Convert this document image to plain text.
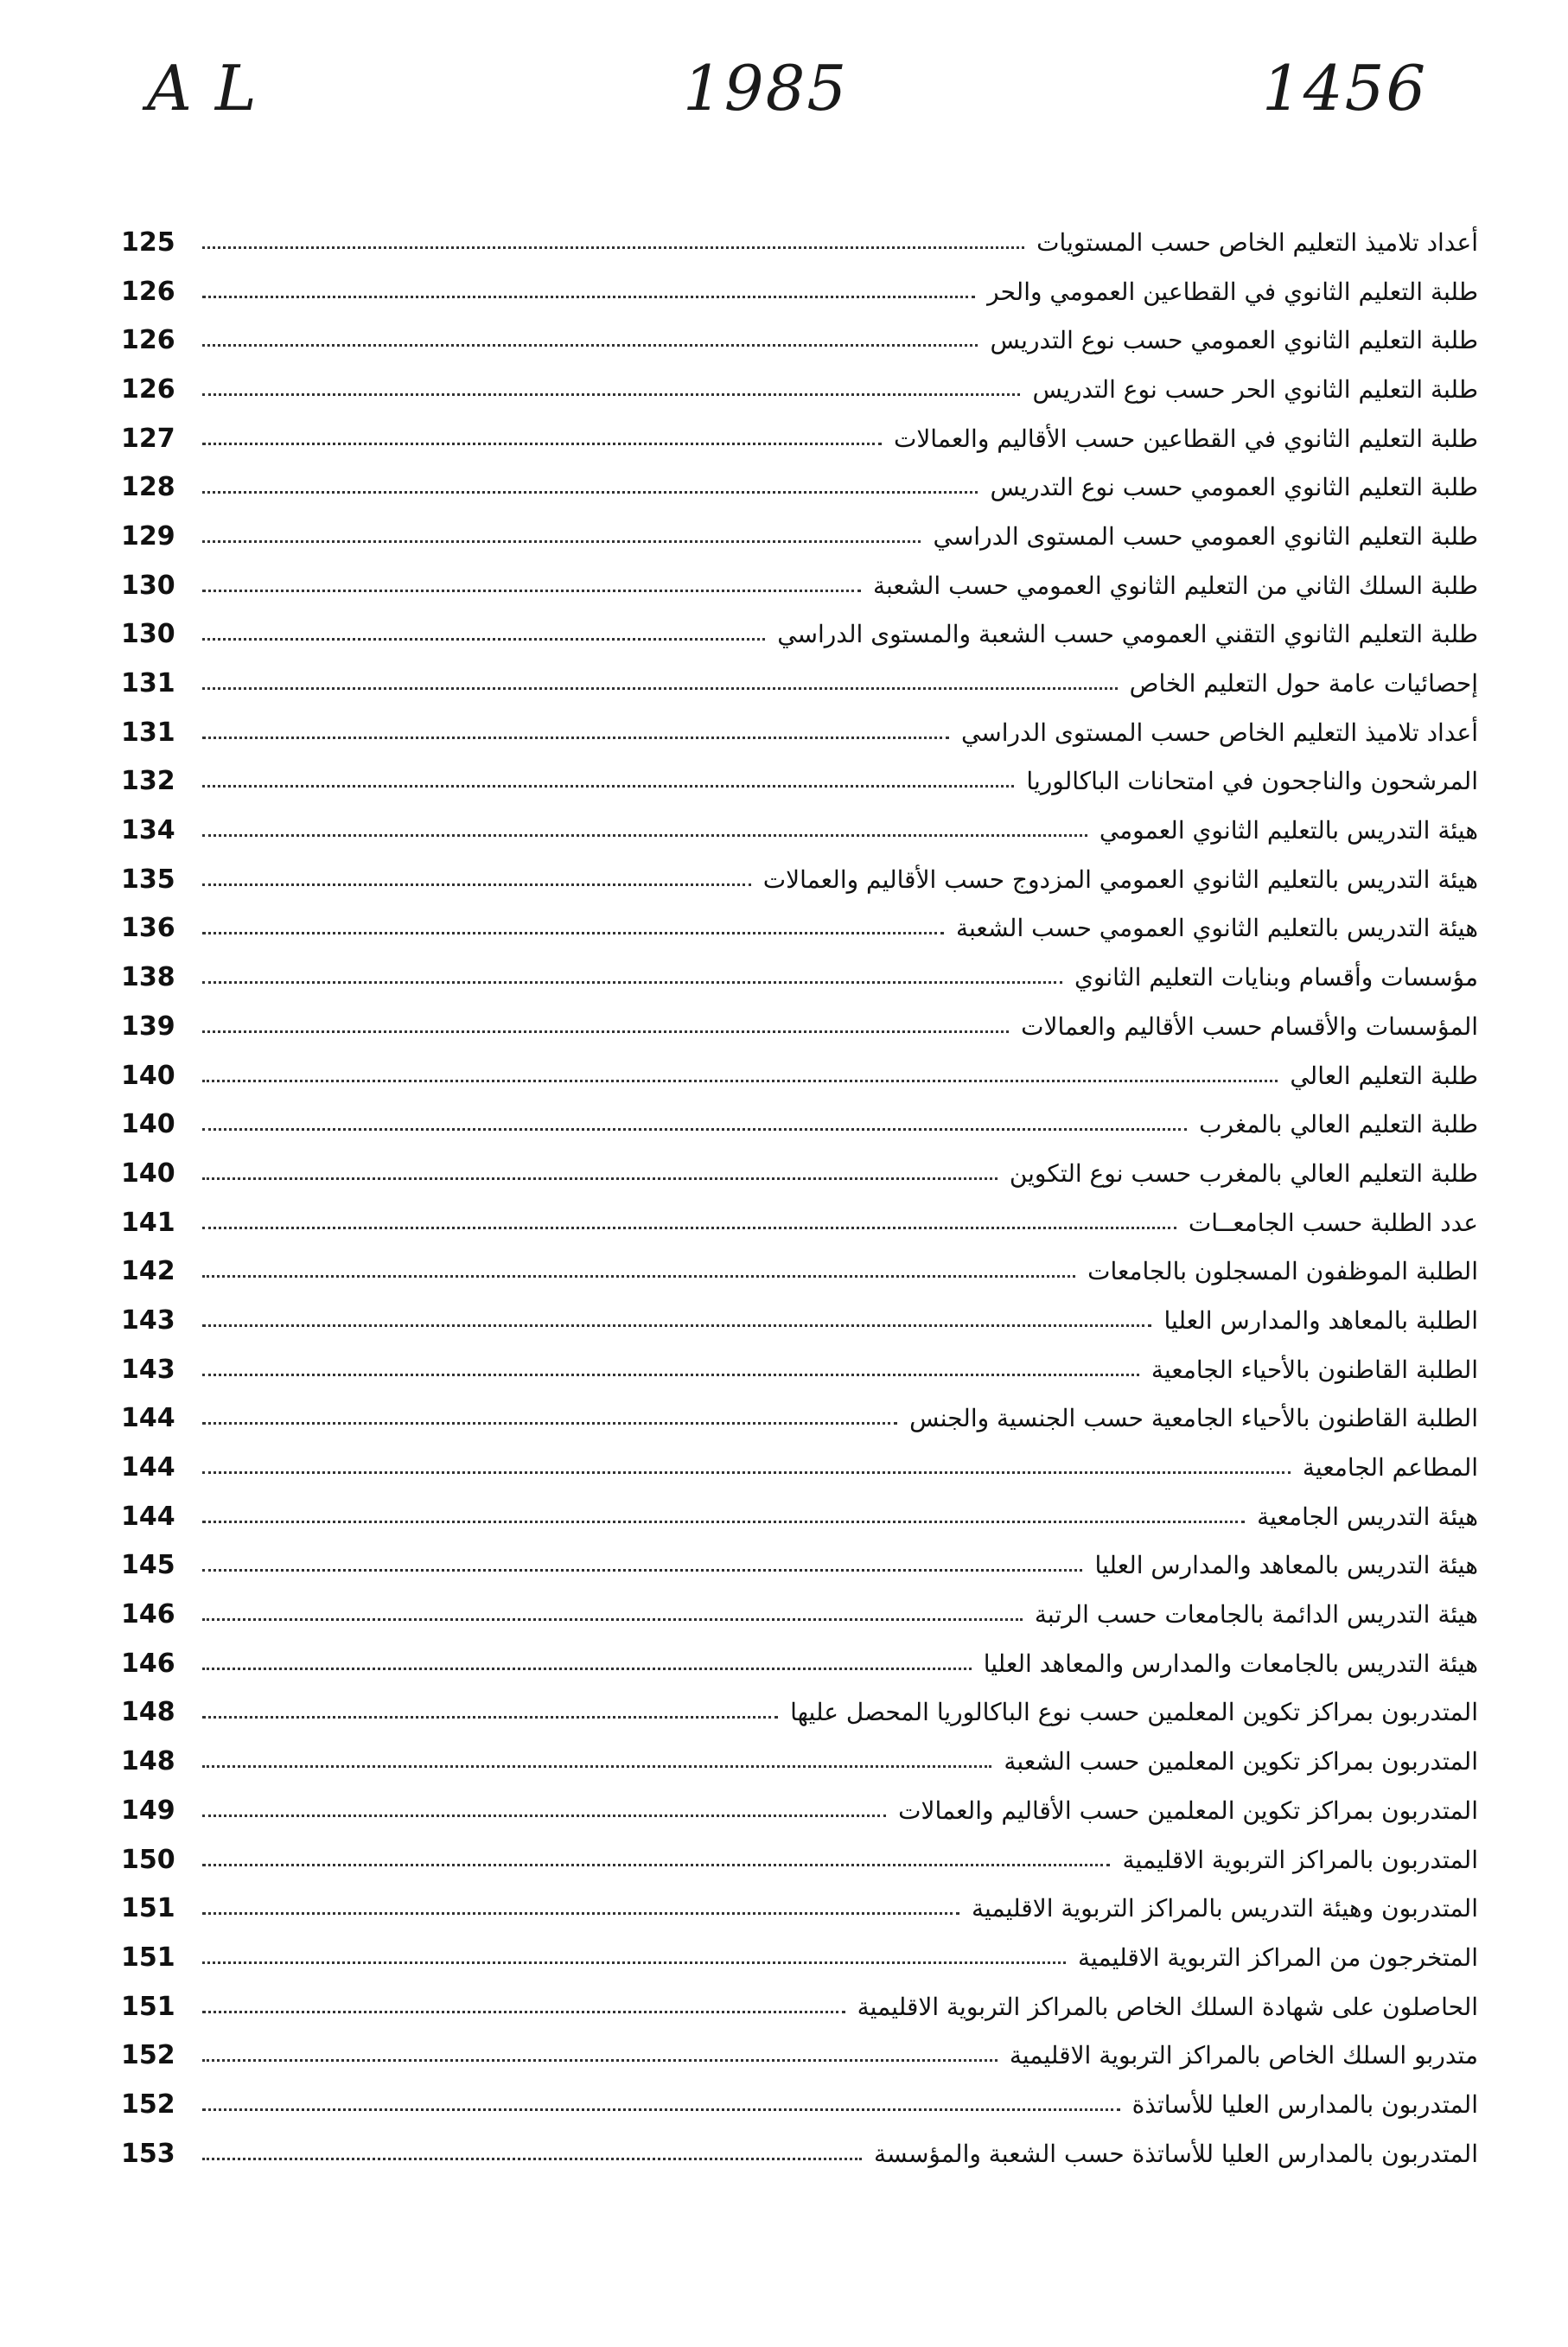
A L	1985	1456
أعداد تلاميذ التعليم الخاص حسب المستويات
125
طلبة التعليم الثانوي في القطاعين العمومي والحر
126
طلبة التعليم الثانوي العمومي حسب نوع التدريس
126
طلبة التعليم الثانوي الحر حسب نوع التدريس
126
طلبة التعليم الثانوي في القطاعين حسب الأقاليم والعمالات
127
طلبة التعليم الثانوي العمومي حسب نوع التدريس
128
طلبة التعليم الثانوي العمومي حسب المستوى الدراسي
129
طلبة السلك الثاني من التعليم الثانوي العمومي حسب الشعبة
130
طلبة التعليم الثانوي التقني العمومي حسب الشعبة والمستوى الدراسي
130
إحصائيات عامة حول التعليم الخاص
131
أعداد تلاميذ التعليم الخاص حسب المستوى الدراسي
131
المرشحون والناجحون في امتحانات الباكالوريا
132
هيئة التدريس بالتعليم الثانوي العمومي
134
هيئة التدريس بالتعليم الثانوي العمومي المزدوج حسب الأقاليم والعمالات
135
هيئة التدريس بالتعليم الثانوي العمومي حسب الشعبة
136
مؤسسات وأقسام وبنايات التعليم الثانوي
138
المؤسسات والأقسام حسب الأقاليم والعمالات
139
طلبة التعليم العالي
140
طلبة التعليم العالي بالمغرب
140
طلبة التعليم العالي بالمغرب حسب نوع التكوين
140
عدد الطلبة حسب الجامعــات
141
الطلبة الموظفون المسجلون بالجامعات
142
الطلبة بالمعاهد والمدارس العليا
143
الطلبة القاطنون بالأحياء الجامعية
143
الطلبة القاطنون بالأحياء الجامعية حسب الجنسية والجنس
144
المطاعم الجامعية
144
هيئة التدريس الجامعية
144
هيئة التدريس بالمعاهد والمدارس العليا
145
هيئة التدريس الدائمة بالجامعات حسب الرتبة
146
هيئة التدريس بالجامعات والمدارس والمعاهد العليا
146
المتدربون بمراكز تكوين المعلمين حسب نوع الباكالوريا المحصل عليها
148
المتدربون بمراكز تكوين المعلمين حسب الشعبة
148
المتدربون بمراكز تكوين المعلمين حسب الأقاليم والعمالات
149
المتدربون بالمراكز التربوية الاقليمية
150
المتدربون وهيئة التدريس بالمراكز التربوية الاقليمية
151
المتخرجون من المراكز التربوية الاقليمية
151
الحاصلون على شهادة السلك الخاص بالمراكز التربوية الاقليمية
151
متدربو السلك الخاص بالمراكز التربوية الاقليمية
152
المتدربون بالمدارس العليا للأساتذة
152
المتدربون بالمدارس العليا للأساتذة حسب الشعبة والمؤسسة
153
